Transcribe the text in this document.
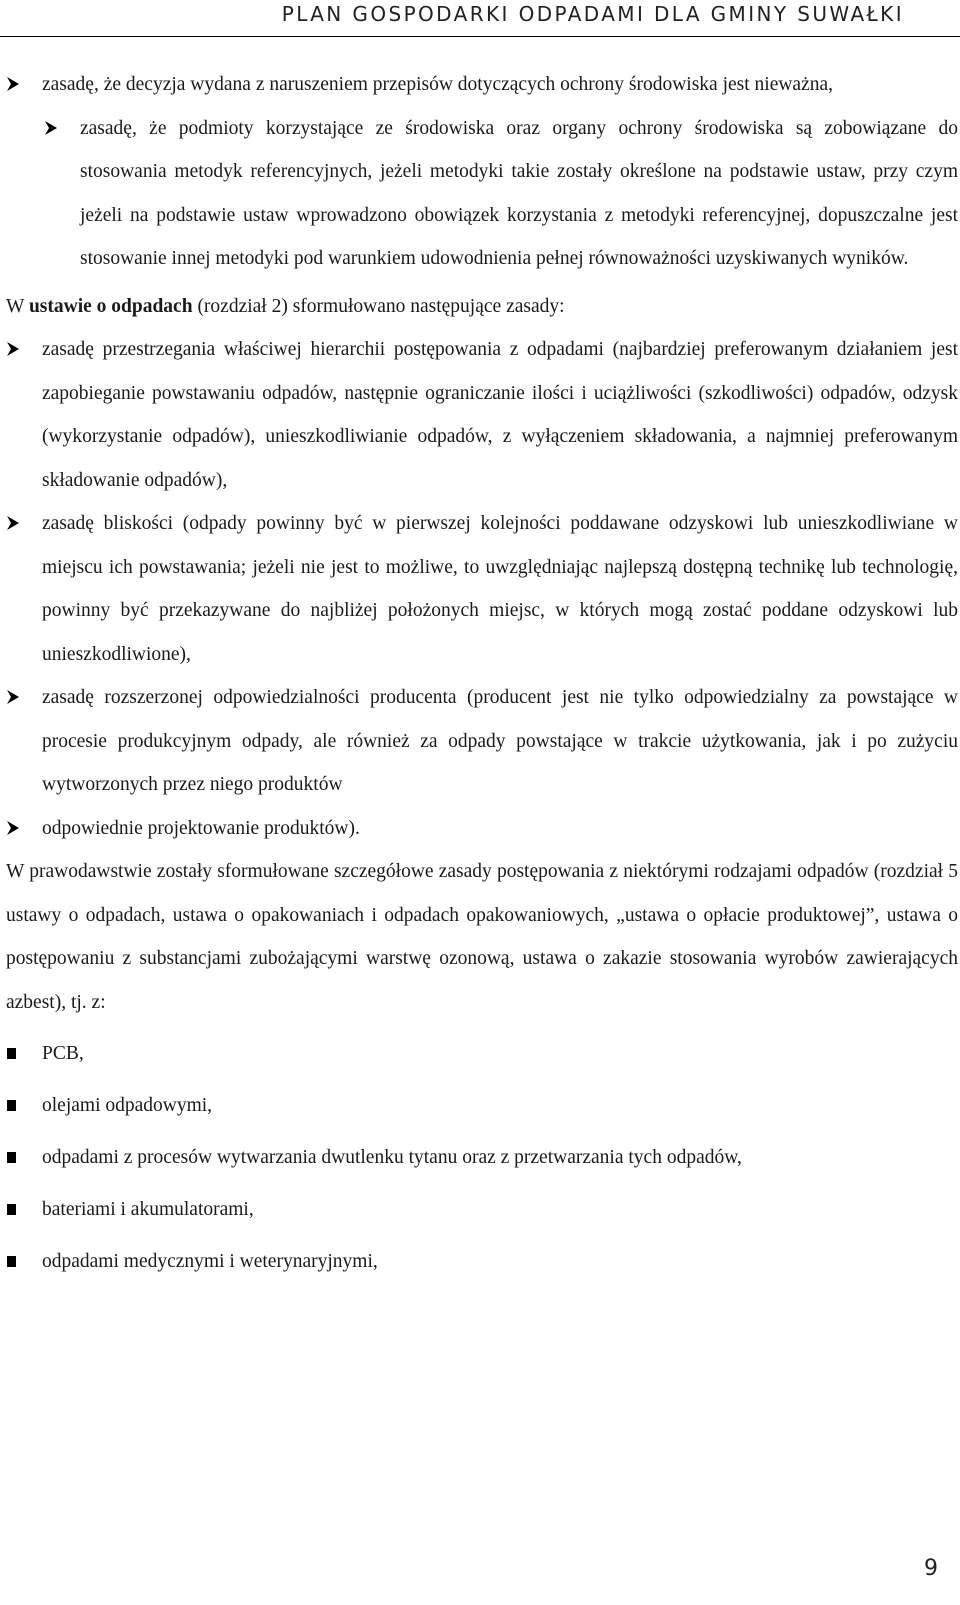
PLAN GOSPODARKI ODPADAMI DLA GMINY SUWAŁKI
zasadę, że decyzja wydana z naruszeniem przepisów dotyczących ochrony środowiska jest nieważna,
zasadę, że podmioty korzystające ze środowiska oraz organy ochrony środowiska są zobowiązane do stosowania metodyk referencyjnych, jeżeli metodyki takie zostały określone na podstawie ustaw, przy czym jeżeli na podstawie ustaw wprowadzono obowiązek korzystania z metodyki referencyjnej, dopuszczalne jest stosowanie innej metodyki pod warunkiem udowodnienia pełnej równoważności uzyskiwanych wyników.
W ustawie o odpadach (rozdział 2) sformułowano następujące zasady:
zasadę przestrzegania właściwej hierarchii postępowania z odpadami (najbardziej preferowanym działaniem jest zapobieganie powstawaniu odpadów, następnie ograniczanie ilości i uciążliwości (szkodliwości) odpadów, odzysk (wykorzystanie odpadów), unieszkodliwianie odpadów, z wyłączeniem składowania, a najmniej preferowanym składowanie odpadów),
zasadę bliskości (odpady powinny być w pierwszej kolejności poddawane odzyskowi lub unieszkodliwiane w miejscu ich powstawania; jeżeli nie jest to możliwe, to uwzględniając najlepszą dostępną technikę lub technologię, powinny być przekazywane do najbliżej położonych miejsc, w których mogą zostać poddane odzyskowi lub unieszkodliwione),
zasadę rozszerzonej odpowiedzialności producenta (producent jest nie tylko odpowiedzialny za powstające w procesie produkcyjnym odpady, ale również za odpady powstające w trakcie użytkowania, jak i po zużyciu wytworzonych przez niego produktów
odpowiednie projektowanie produktów).
W prawodawstwie zostały sformułowane szczegółowe zasady postępowania z niektórymi rodzajami odpadów (rozdział 5 ustawy o odpadach, ustawa o opakowaniach i odpadach opakowaniowych, „ustawa o opłacie produktowej”, ustawa o postępowaniu z substancjami zubożającymi warstwę ozonową, ustawa o zakazie stosowania wyrobów zawierających azbest), tj. z:
PCB,
olejami odpadowymi,
odpadami z procesów wytwarzania dwutlenku tytanu oraz z przetwarzania tych odpadów,
bateriami i akumulatorami,
odpadami medycznymi i weterynaryjnymi,
9
